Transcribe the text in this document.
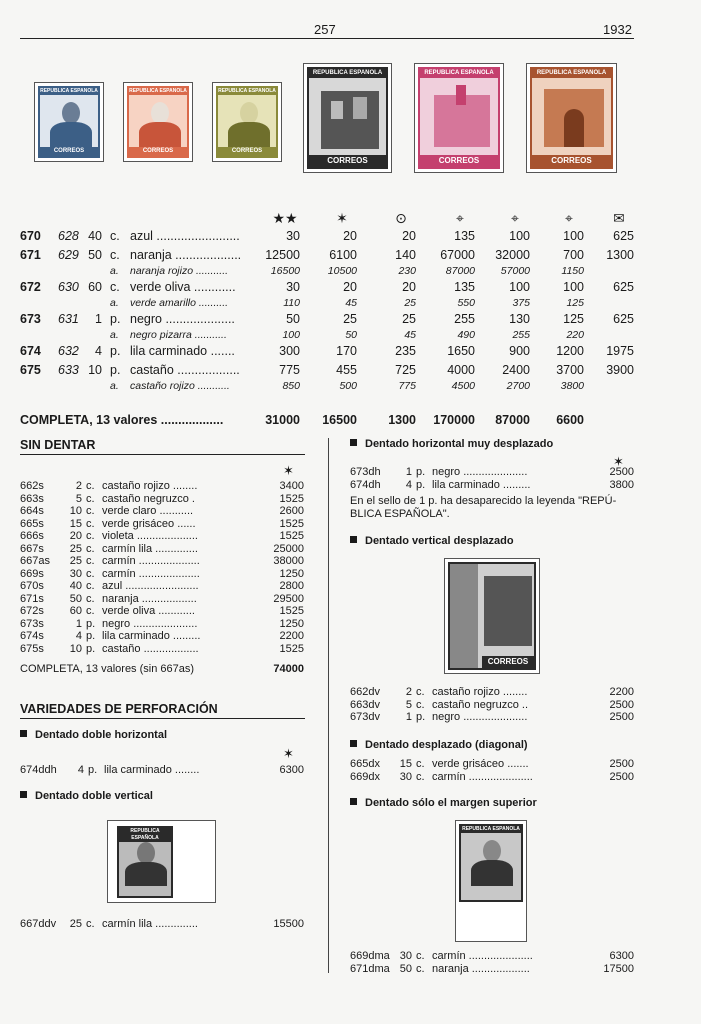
257	1932
REPUBLICA ESPAÑOLA
CORREOS
REPUBLICA ESPAÑOLA
CORREOS
REPUBLICA ESPAÑOLA
CORREOS
REPUBLICA ESPAÑOLA
CORREOS
REPUBLICA ESPAÑOLA
CORREOS
REPUBLICA ESPAÑOLA
CORREOS
★★	✶	⊙	⌖	⌖	⌖	✉
670 628 40 c. azul ........................	30	20	20	135	100	100	625
671 629 50 c. naranja ...................	12500	6100	140	67000	32000	700	1300
a. naranja rojizo ...........	16500	10500	230	87000	57000	1150
672 630 60 c. verde oliva ............	30	20	20	135	100	100	625
a. verde amarillo ..........	110	45	25	550	375	125
673 631	1 p. negro ....................	50	25	25	255	130	125	625
a. negro pizarra ...........	100	50	45	490	255	220
674 632	4 p. lila carminado .......	300	170	235	1650	900	1200	1975
675 633 10 p. castaño ..................	775	455	725	4000	2400	3700	3900
a. castaño rojizo ...........	850	500	775	4500	2700	3800
COMPLETA, 13 valores ..................	31000	16500	1300	170000	87000	6600
SIN DENTAR
✶
662s	2 c. castaño rojizo ........	3400
663s	5 c. castaño negruzco .	1525
664s	10 c. verde claro ...........	2600
665s	15 c. verde grisáceo ......	1525
666s	20 c. violeta ....................	1525
667s	25 c. carmín lila ..............	25000
667as	25 c. carmín ....................	38000
669s	30 c. carmín ....................	1250
670s	40 c. azul ........................	2800
671s	50 c. naranja ..................	29500
672s	60 c. verde oliva ............	1525
673s	1 p. negro .....................	1250
674s	4 p. lila carminado .........	2200
675s	10 p. castaño ..................	1525
COMPLETA, 13 valores (sin 667as)	74000
VARIEDADES DE PERFORACIÓN
Dentado doble horizontal
✶
674ddh	4 p. lila carminado ........	6300
Dentado doble vertical
REPUBLICA ESPAÑOLA
667ddv	25 c. carmín lila ..............	15500
Dentado horizontal muy desplazado
✶
673dh	1 p. negro .....................	2500
674dh	4 p. lila carminado .........	3800
En el sello de 1 p. ha desaparecido la leyenda "REPÚ-BLICA ESPAÑOLA".
Dentado vertical desplazado
CORREOS
662dv	2 c. castaño rojizo ........	2200
663dv	5 c. castaño negruzco ..	2500
673dv	1 p. negro .....................	2500
Dentado desplazado (diagonal)
665dx	15 c. verde grisáceo .......	2500
669dx	30 c. carmín .....................	2500
Dentado sólo el margen superior
REPUBLICA ESPAÑOLA
669dma 30 c. carmín .....................	6300
671dma 50 c. naranja ...................	17500
